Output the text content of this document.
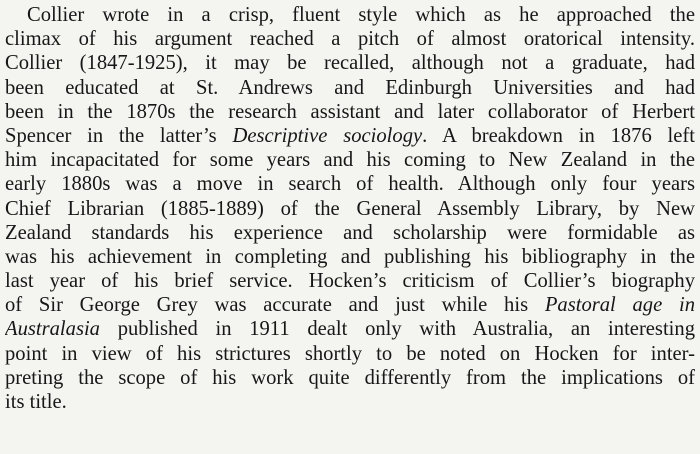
Collier wrote in a crisp, fluent style which as he approached the
climax of his argument reached a pitch of almost oratorical intensity.
Collier (1847-1925), it may be recalled, although not a graduate, had
been educated at St. Andrews and Edinburgh Universities and had
been in the 1870s the research assistant and later collaborator of Herbert
Spencer in the latter’s Descriptive sociology. A breakdown in 1876 left
him incapacitated for some years and his coming to New Zealand in the
early 1880s was a move in search of health. Although only four years
Chief Librarian (1885-1889) of the General Assembly Library, by New
Zealand standards his experience and scholarship were formidable as
was his achievement in completing and publishing his bibliography in the
last year of his brief service. Hocken’s criticism of Collier’s biography
of Sir George Grey was accurate and just while his Pastoral age in
Australasia published in 1911 dealt only with Australia, an interesting
point in view of his strictures shortly to be noted on Hocken for inter-
preting the scope of his work quite differently from the implications of
its title.
